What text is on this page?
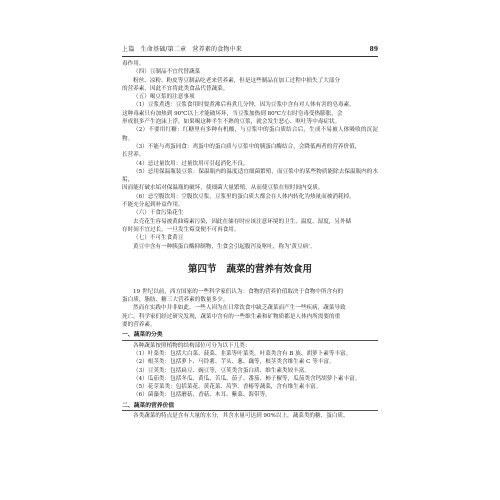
上篇　生命基础/第二章　营养素的食物中来	89

毒作用。

（四）豆制品不宜代替蔬菜

粉丝、凉粉、粉皮等豆制品吃老来营养素，但是这些制品在加工过程中损失了大部分

的营养素，因此不宜将此类食品代替蔬菜。

（五）喝豆浆的注意事项

（1）豆浆煮透：豆浆食用时要煮沸后再煮几分钟，因为豆浆中含有对人体有害的皂毒素，

这种毒素只有加热到 90℃以上才能破坏坏，当豆浆加热到 80℃左右时皂毒受热膨胀，会

形成很多产生泡沫上浮，如果喝这种半生不熟的豆浆，就会发生恶心、呕吐等中毒症状。

（2）不要用红糖：红糖里有多种有机酸，与豆浆中的蛋白质结合后，生成不易被人体吸收的沉淀物。

（3）不能与鸡蛋同食：鸡蛋中的蛋白质与豆浆中的胰蛋白酶结合，会降低两者的营养价值，

长营养。

（4）忌过量饮用：过量饮用可引起消化不良。

（5）忌用保温瓶装豆浆：保温瓶内的温度适宜细菌繁殖，而豆浆中的某些物质能除去保温瓶内的水垢，

因而能打破水垢对保温瓶的破坏，使细菌大量繁殖，从而使豆浆在短时间内变质。

（6）忌空腹饮用：空腹饮豆浆，豆浆里的蛋白质大都会在人体内转化为热量而被消耗掉，

不能充分起到补益作用。

（六）干食污染花生

去壳花生容易被黄曲霉素污染，因此在储存时应该注意环境的卫生、温度、湿度，另外储

存时间不宜过长，一旦发生霉变便不可再食用。

（七）不可生食黄豆

黄豆中含有一种胰蛋白酶抑制物，生食会引起腹泻及呕吐，称为‘黄豆病’。

第四节 蔬菜的营养有效食用

19 世纪以前，西方国家的一些科学家们认为：食物的营养价值取决于食物中所含有的

蛋白质、脂肪、糖三大营养素的数量多少。

然而在实践中并非如此。一些人因为在日常饮食中缺乏蔬菜而产生一些疾病，蔬菜导致

死亡。科学家们经过研究发现，蔬菜中含有的一些维生素和矿物质都是人体内所需要的重

要的营养素。

一、蔬菜的分类

各种蔬菜按照植物的结构部位可分为以下几类：

（1）叶菜类：包括大白菜、菠菜、韭菜等叶菜类，叶菜类含有 B 族、胡萝卜素等丰富。

（2）根茎类：包括萝卜、马铃薯、芋头、葱、藕等，根茎类含维生素 C 等丰富。

（3）豆荚类：包括扁豆、豌豆等，豆荚类含蛋白质、维生素类较丰富。

（4）瓜茄类：包括冬瓜、黄瓜、苦瓜、茄子、番茄、柿子椒等，瓜茄类含钙胡萝卜素丰富。

（5）花芽菜类：包括菜花、黄花菜、莴笋、香椿等蔬菜，含有维生素丰富。

（6）菌藻类：包括蘑菇、香菇、木耳、紫菜、海带等。

二、蔬菜的营养价值

各类蔬菜的特点是含有大量的水分，其含水量可达到 90%以上，蔬菜类的糖、蛋白质、
